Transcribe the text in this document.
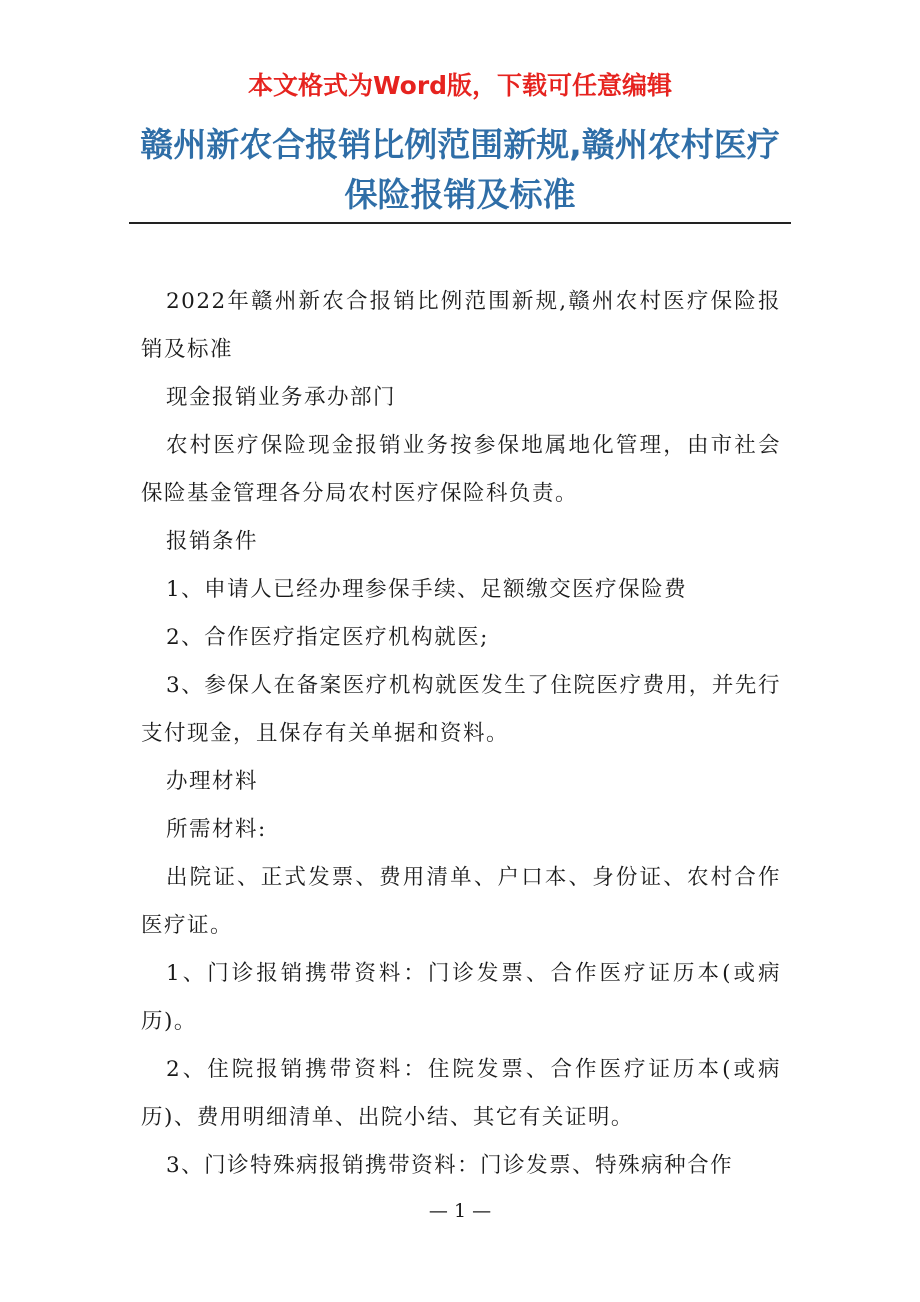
本文格式为Word版，下载可任意编辑
赣州新农合报销比例范围新规,赣州农村医疗保险报销及标准

2022年赣州新农合报销比例范围新规,赣州农村医疗保险报销及标准

现金报销业务承办部门

农村医疗保险现金报销业务按参保地属地化管理，由市社会保险基金管理各分局农村医疗保险科负责。

报销条件

1、申请人已经办理参保手续、足额缴交医疗保险费

2、合作医疗指定医疗机构就医;

3、参保人在备案医疗机构就医发生了住院医疗费用，并先行支付现金，且保存有关单据和资料。

办理材料

所需材料:

出院证、正式发票、费用清单、户口本、身份证、农村合作医疗证。

1、门诊报销携带资料：门诊发票、合作医疗证历本(或病历)。

2、住院报销携带资料：住院发票、合作医疗证历本(或病历)、费用明细清单、出院小结、其它有关证明。

3、门诊特殊病报销携带资料：门诊发票、特殊病种合作

— 1 —
